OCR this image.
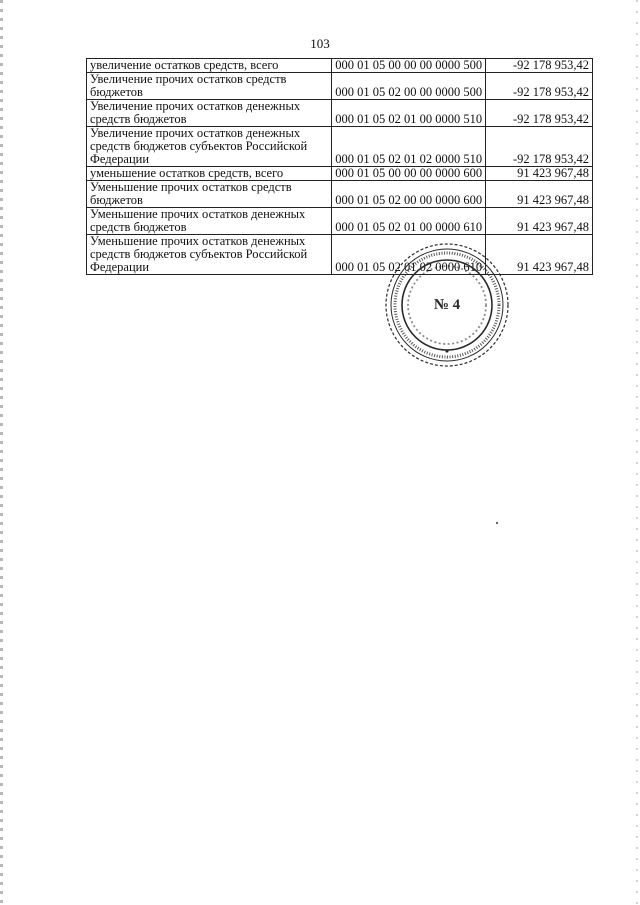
103
увеличение остатков средств, всего	000 01 05 00 00 00 0000 500	-92 178 953,42
Увеличение прочих остатков средств бюджетов	000 01 05 02 00 00 0000 500	-92 178 953,42
Увеличение прочих остатков денежных средств бюджетов	000 01 05 02 01 00 0000 510	-92 178 953,42
Увеличение прочих остатков денежных средств бюджетов субъектов Российской Федерации	000 01 05 02 01 02 0000 510	-92 178 953,42
уменьшение остатков средств, всего	000 01 05 00 00 00 0000 600	91 423 967,48
Уменьшение прочих остатков средств бюджетов	000 01 05 02 00 00 0000 600	91 423 967,48
Уменьшение прочих остатков денежных средств бюджетов	000 01 05 02 01 00 0000 610	91 423 967,48
Уменьшение прочих остатков денежных средств бюджетов субъектов Российской Федерации	000 01 05 02 01 02 0000 610	91 423 967,48
№ 4
